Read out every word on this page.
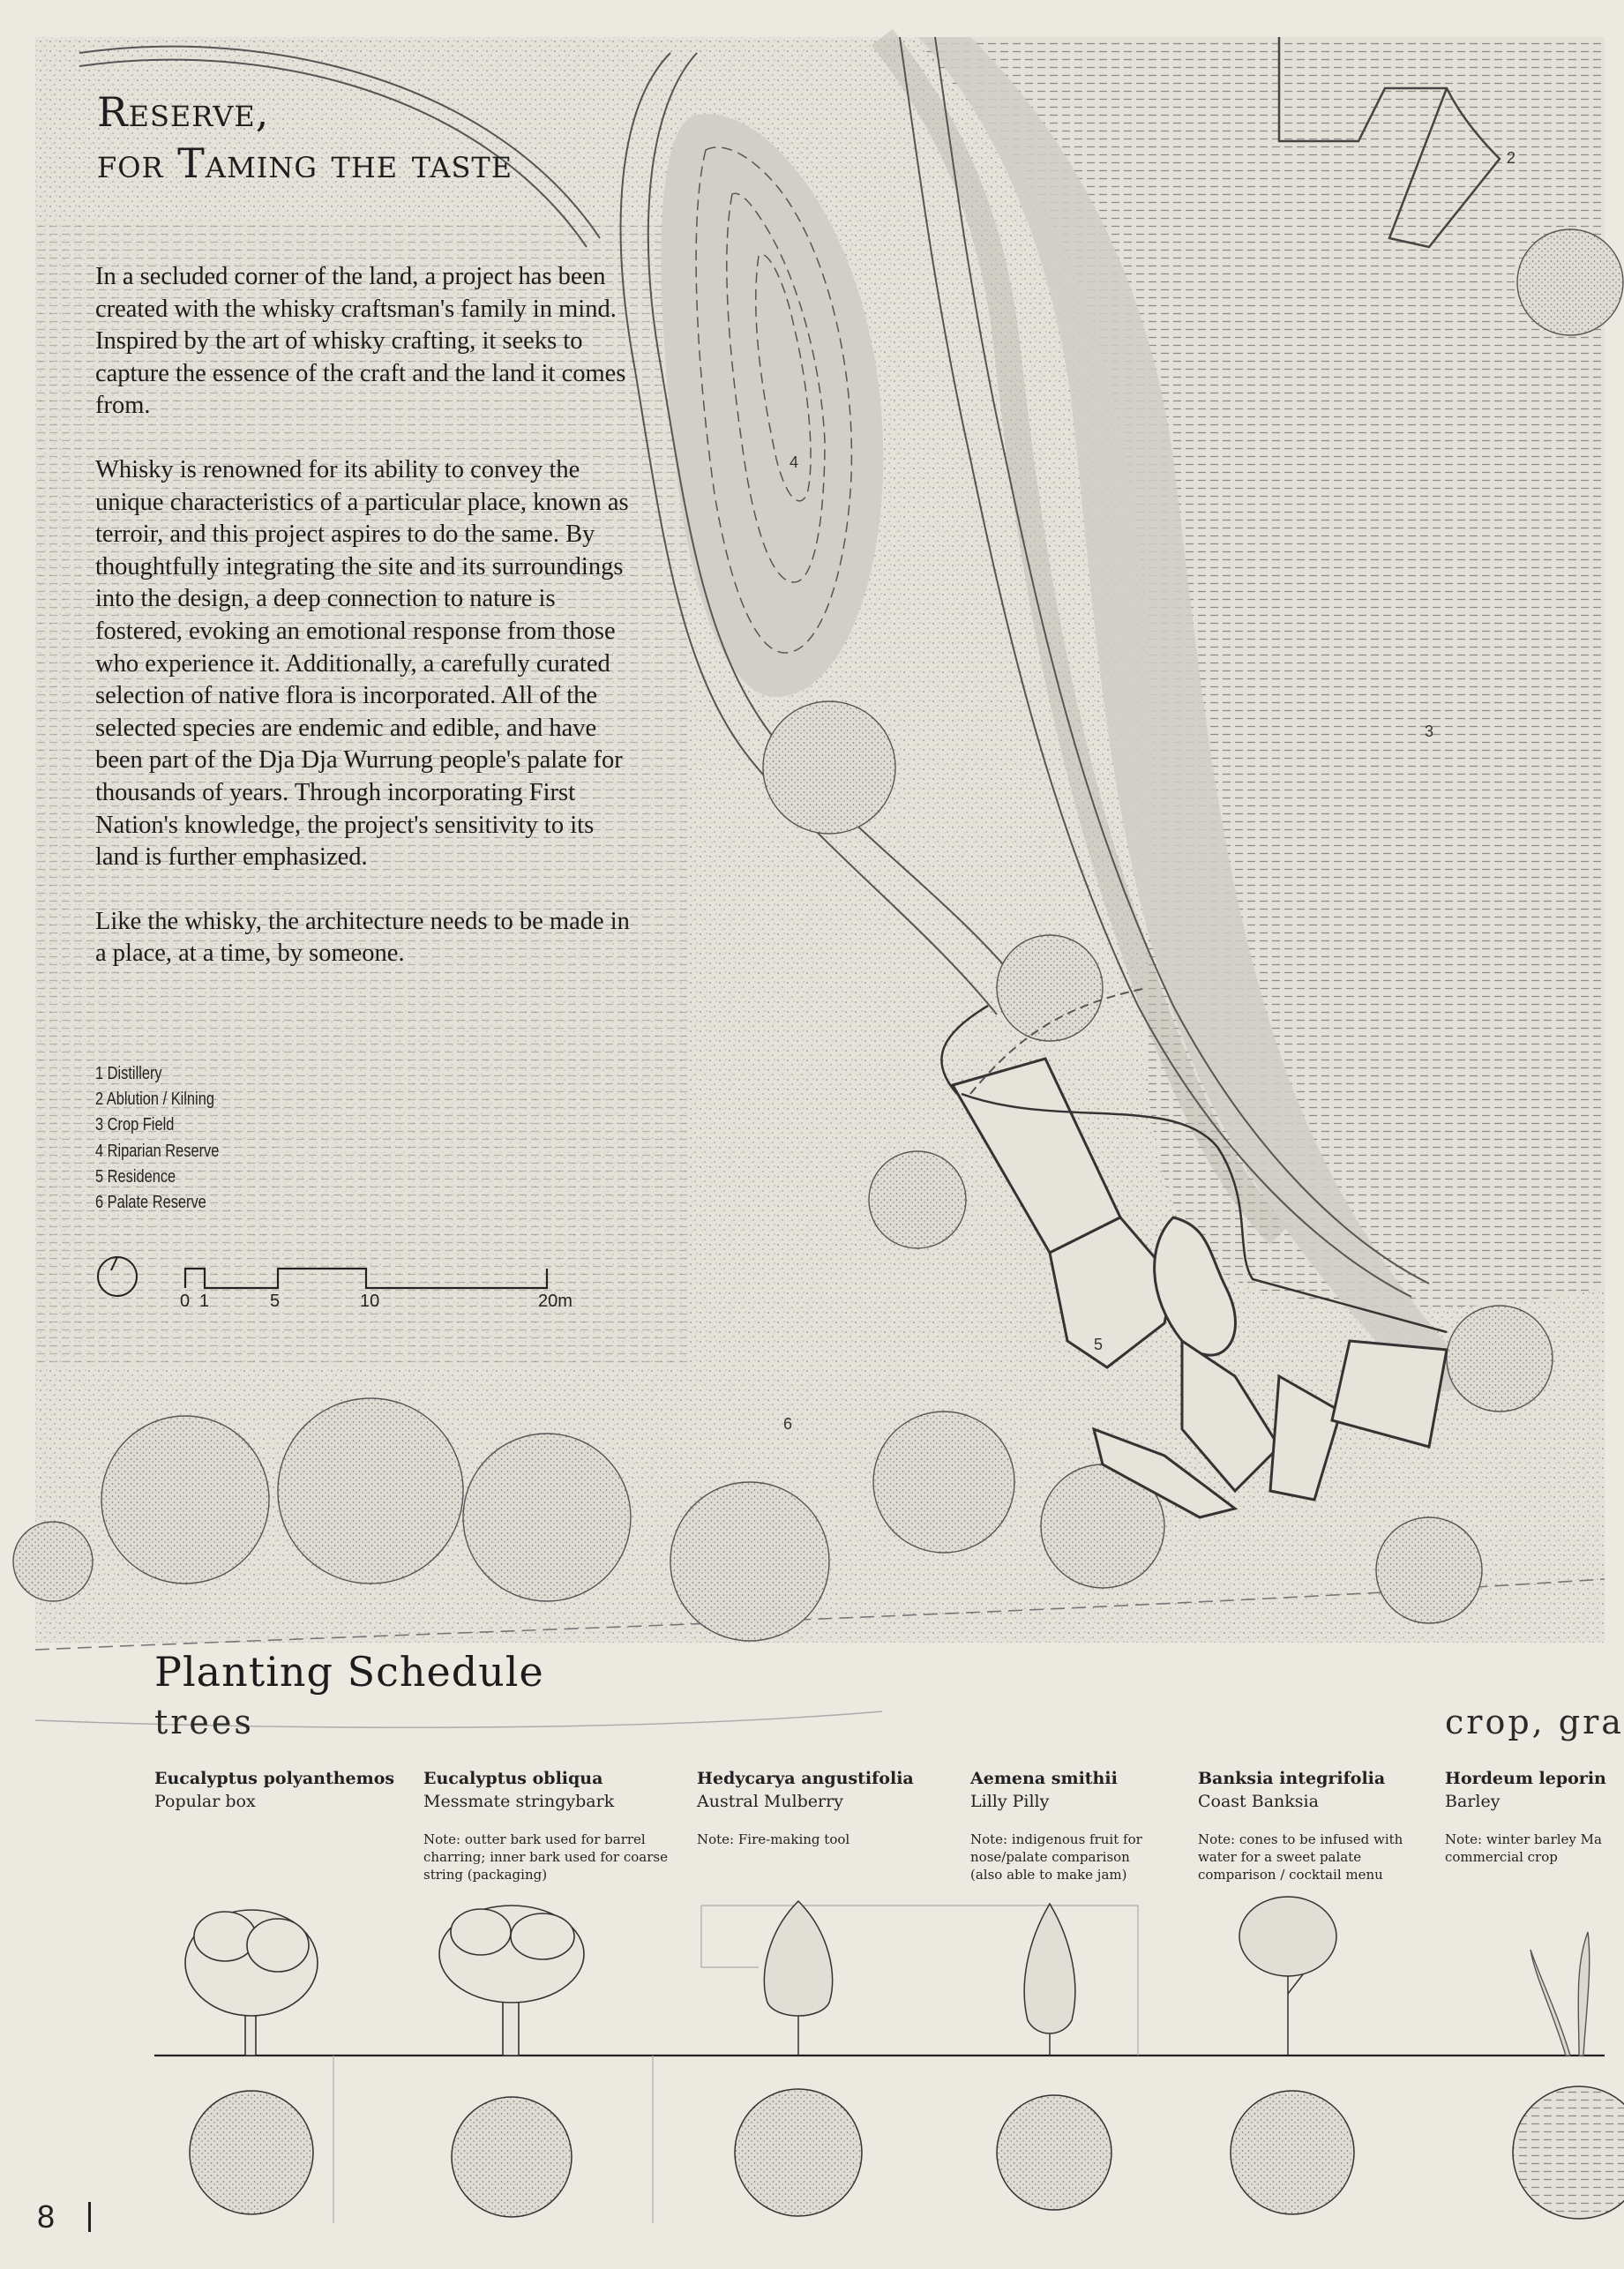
2
3
4
5
6
Reserve,
for Taming the taste

In a secluded corner of the land, a project has been created with the whisky craftsman's family in mind. Inspired by the art of whisky crafting, it seeks to capture the essence of the craft and the land it comes from.

Whisky is renowned for its ability to convey the unique characteristics of a particular place, known as terroir, and this project aspires to do the same. By thoughtfully integrating the site and its surroundings into the design, a deep connection to nature is fostered, evoking an emotional response from those who experience it. Additionally, a carefully curated selection of native flora is incorporated. All of the selected species are endemic and edible, and have been part of the Dja Dja Wurrung people's palate for thousands of years. Through incorporating First Nation's knowledge, the project's sensitivity to its land is further emphasized.

Like the whisky, the architecture needs to be made in a place, at a time, by someone.

1 Distillery
2 Ablution / Kilning
3 Crop Field
4 Riparian Reserve
5 Residence
6 Palate Reserve
0 1	5	10	20m
Planting Schedule
trees	crop, gra
Eucalyptus polyanthemos
Popular box
Eucalyptus obliqua
Messmate stringybark
Note: outter bark used for barrel charring; inner bark used for coarse string (packaging)
Hedycarya angustifolia
Austral Mulberry
Note: Fire-making tool
Aemena smithii
Lilly Pilly
Note: indigenous fruit for nose/palate comparison (also able to make jam)
Banksia integrifolia
Coast Banksia
Note: cones to be infused with water for a sweet palate comparison / cocktail menu
Hordeum leporin
Barley
Note: winter barley Ma commercial crop
8
